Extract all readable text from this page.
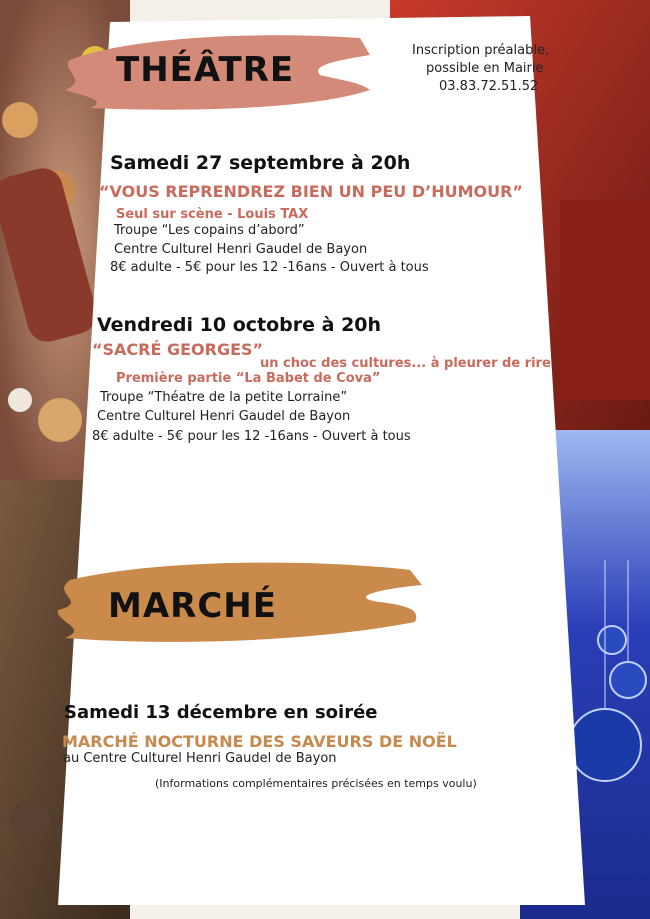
Inscription préalable,
possible en Mairie
03.83.72.51.52
THÉÂTRE
Samedi 27 septembre à 20h
“VOUS REPRENDREZ BIEN UN PEU D’HUMOUR”
Seul sur scène - Louis TAX
Troupe “Les copains d’abord”
Centre Culturel Henri Gaudel de Bayon
8€ adulte - 5€ pour les 12 -16ans - Ouvert à tous
Vendredi 10 octobre à 20h
“SACRÉ GEORGES”
un choc des cultures... à pleurer de rire
Première partie “La Babet de Cova”
Troupe “Théatre de la petite Lorraine”
Centre Culturel Henri Gaudel de Bayon
8€ adulte - 5€ pour les 12 -16ans - Ouvert à tous
MARCHÉ
Samedi 13 décembre en soirée
MARCHÉ NOCTURNE DES SAVEURS DE NOËL
au Centre Culturel Henri Gaudel de Bayon
(Informations complémentaires précisées en temps voulu)
